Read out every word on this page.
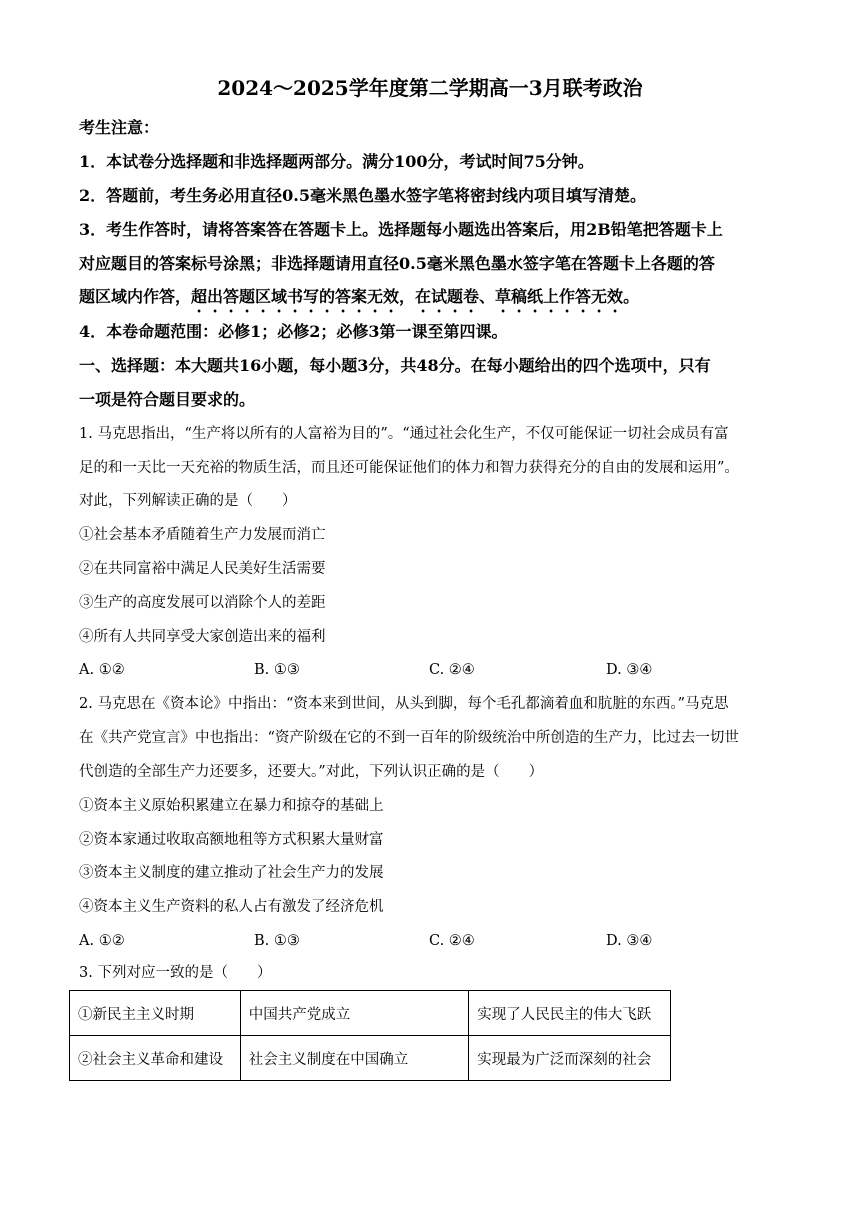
2024～2025学年度第二学期高一3月联考政治
考生注意：
1．本试卷分选择题和非选择题两部分。满分100分，考试时间75分钟。
2．答题前，考生务必用直径0.5毫米黑色墨水签字笔将密封线内项目填写清楚。
3．考生作答时，请将答案答在答题卡上。选择题每小题选出答案后，用2B铅笔把答题卡上
对应题目的答案标号涂黑；非选择题请用直径0.5毫米黑色墨水签字笔在答题卡上各题的答
题区域内作答，超出答题区域书写的答案无效，在试题卷、草稿纸上作答无效。
4．本卷命题范围：必修1；必修2；必修3第一课至第四课。
一、选择题：本大题共16小题，每小题3分，共48分。在每小题给出的四个选项中，只有
一项是符合题目要求的。
1. 马克思指出，“生产将以所有的人富裕为目的”。“通过社会化生产，不仅可能保证一切社会成员有富
足的和一天比一天充裕的物质生活，而且还可能保证他们的体力和智力获得充分的自由的发展和运用”。
对此，下列解读正确的是（　　）
①社会基本矛盾随着生产力发展而消亡
②在共同富裕中满足人民美好生活需要
③生产的高度发展可以消除个人的差距
④所有人共同享受大家创造出来的福利
A. ①②	B. ①③	C. ②④	D. ③④
2. 马克思在《资本论》中指出：“资本来到世间，从头到脚，每个毛孔都滴着血和肮脏的东西。”马克思
在《共产党宣言》中也指出：“资产阶级在它的不到一百年的阶级统治中所创造的生产力，比过去一切世
代创造的全部生产力还要多，还要大。”对此，下列认识正确的是（　　）
①资本主义原始积累建立在暴力和掠夺的基础上
②资本家通过收取高额地租等方式积累大量财富
③资本主义制度的建立推动了社会生产力的发展
④资本主义生产资料的私人占有激发了经济危机
A. ①②	B. ①③	C. ②④	D. ③④
3. 下列对应一致的是（　　）
①新民主主义时期	中国共产党成立	实现了人民民主的伟大飞跃
②社会主义革命和建设	社会主义制度在中国确立	实现最为广泛而深刻的社会
